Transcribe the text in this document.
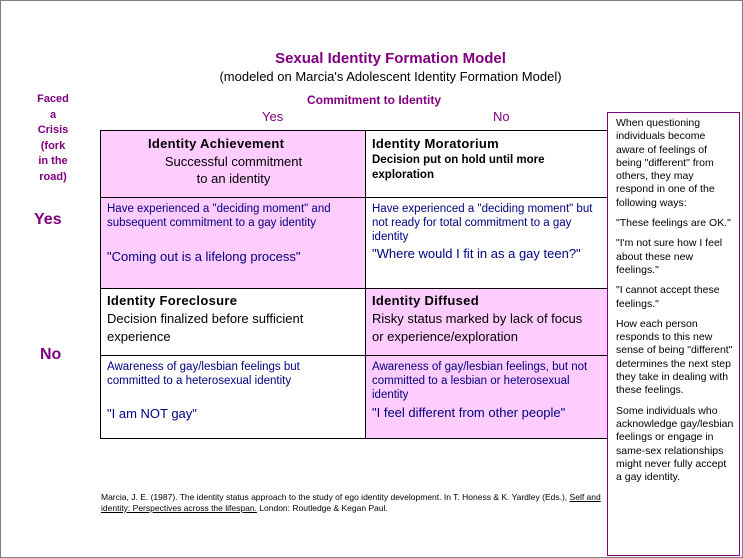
Sexual Identity Formation Model
(modeled on Marcia's Adolescent Identity Formation Model)
Commitment to Identity
Yes	No
Faced
a
Crisis
(fork
in the
road)
Yes
No
Identity Achievement
Successful commitment
to an identity
Identity Moratorium
Decision put on hold until more exploration
Have experienced a "deciding moment" and subsequent commitment to a gay identity
"Coming out is a lifelong process"
Have experienced a "deciding moment" but not ready for total commitment to a gay identity
"Where would I fit in as a gay teen?"
Identity Foreclosure
Decision finalized before sufficient experience
Identity Diffused
Risky status marked by lack of focus or experience/exploration
Awareness of gay/lesbian feelings but committed to a heterosexual identity
"I am NOT gay"
Awareness of gay/lesbian feelings, but not committed to a lesbian or heterosexual identity
"I feel different from other people"

When questioning individuals become aware of feelings of being "different" from others, they may respond in one of the following ways:

"These feelings are OK."

"I'm not sure how I feel about these new feelings."

"I cannot accept these feelings."

How each person responds to this new sense of being "different" determines the next step they take in dealing with these feelings.

Some individuals who acknowledge gay/lesbian feelings or engage in same-sex relationships might never fully accept a gay identity.

Marcia, J. E. (1987). The identity status approach to the study of ego identity development. In T. Honess & K. Yardley (Eds.), Self and identity: Perspectives across the lifespan. London: Routledge & Kegan Paul.
